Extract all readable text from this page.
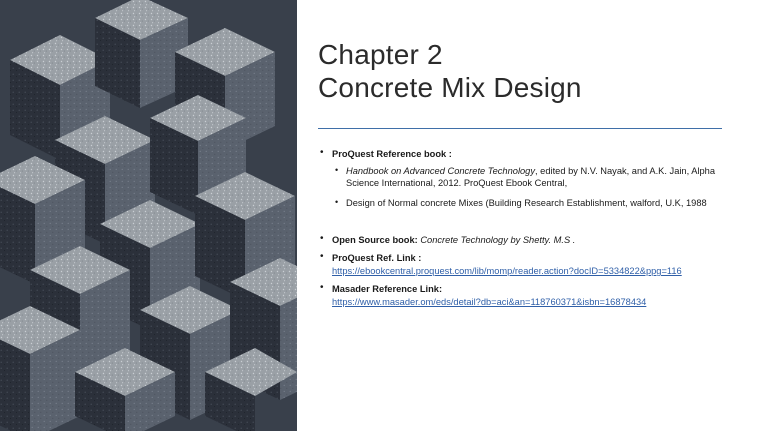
Chapter 2
Concrete Mix Design
• ProQuest Reference book :
• Handbook on Advanced Concrete Technology, edited by N.V. Nayak, and A.K. Jain, Alpha Science International, 2012. ProQuest Ebook Central,
• Design of Normal concrete Mixes (Building Research Establishment, walford, U.K, 1988
• Open Source book: Concrete Technology by Shetty. M.S .
• ProQuest Ref. Link :
https://ebookcentral.proquest.com/lib/momp/reader.action?docID=5334822&ppg=116
• Masader Reference Link:
https://www.masader.om/eds/detail?db=aci&an=118760371&isbn=16878434
